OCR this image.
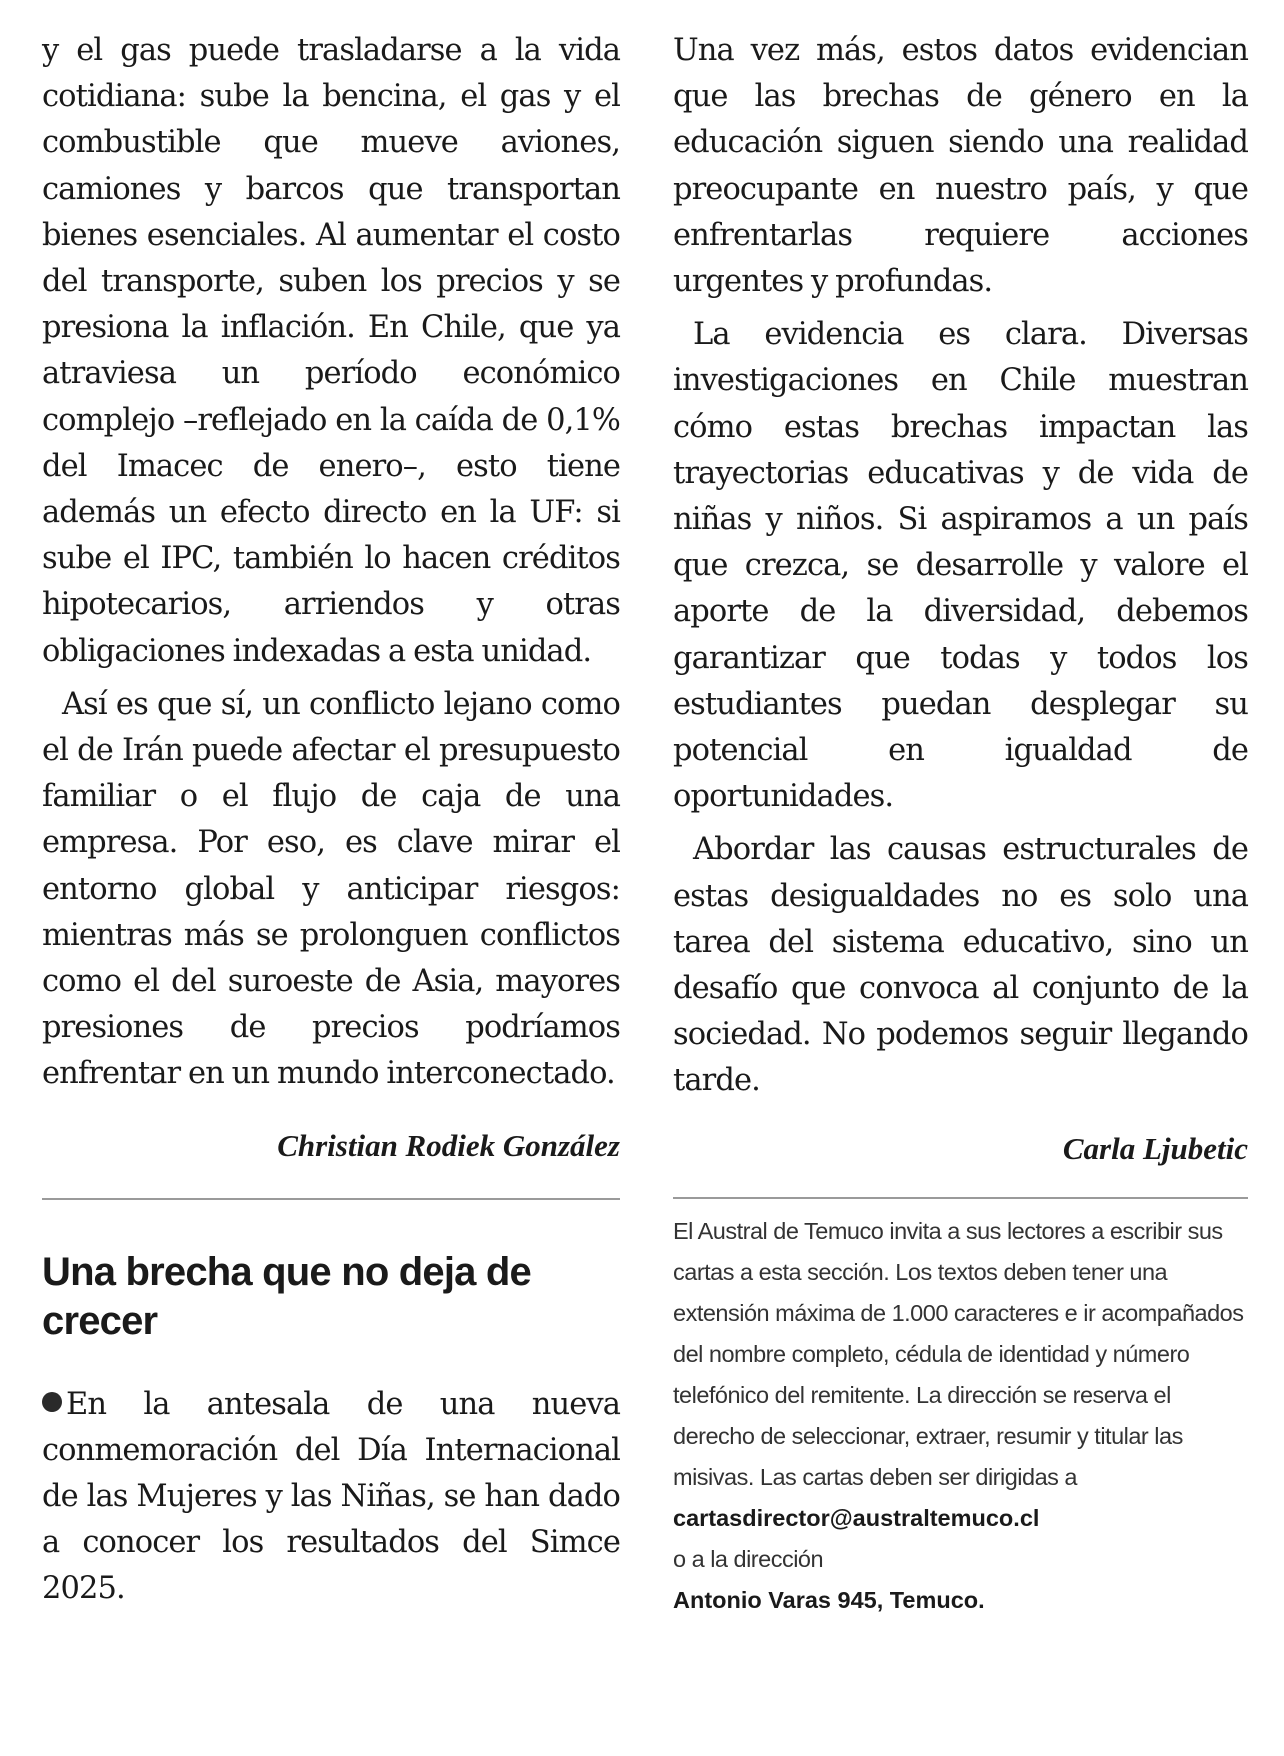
y el gas puede trasladarse a la vida cotidiana: sube la bencina, el gas y el combustible que mueve aviones, camiones y barcos que transportan bienes esenciales. Al aumentar el costo del transporte, suben los precios y se presiona la inflación. En Chile, que ya atraviesa un período económico complejo –reflejado en la caída de 0,1% del Imacec de enero–, esto tiene además un efecto directo en la UF: si sube el IPC, también lo hacen créditos hipotecarios, arriendos y otras obligaciones indexadas a esta unidad.

Así es que sí, un conflicto lejano como el de Irán puede afectar el presupuesto familiar o el flujo de caja de una empresa. Por eso, es clave mirar el entorno global y anticipar riesgos: mientras más se prolonguen conflictos como el del suroeste de Asia, mayores presiones de precios podríamos enfrentar en un mundo interconectado.

Christian Rodiek González

Una brecha que no deja de crecer

En la antesala de una nueva conmemoración del Día Internacional de las Mujeres y las Niñas, se han dado a conocer los resultados del Simce 2025.

Una vez más, estos datos evidencian que las brechas de género en la educación siguen siendo una realidad preocupante en nuestro país, y que enfrentarlas requiere acciones urgentes y profundas.

La evidencia es clara. Diversas investigaciones en Chile muestran cómo estas brechas impactan las trayectorias educativas y de vida de niñas y niños. Si aspiramos a un país que crezca, se desarrolle y valore el aporte de la diversidad, debemos garantizar que todas y todos los estudiantes puedan desplegar su potencial en igualdad de oportunidades.

Abordar las causas estructurales de estas desigualdades no es solo una tarea del sistema educativo, sino un desafío que convoca al conjunto de la sociedad. No podemos seguir llegando tarde.

Carla Ljubetic

El Austral de Temuco invita a sus lectores a escribir sus cartas a esta sección. Los textos deben tener una extensión máxima de 1.000 caracteres e ir acompañados del nombre completo, cédula de identidad y número telefónico del remitente. La dirección se reserva el derecho de seleccionar, extraer, resumir y titular las misivas. Las cartas deben ser dirigidas a

cartasdirector@australtemuco.cl
o a la dirección
Antonio Varas 945, Temuco.
